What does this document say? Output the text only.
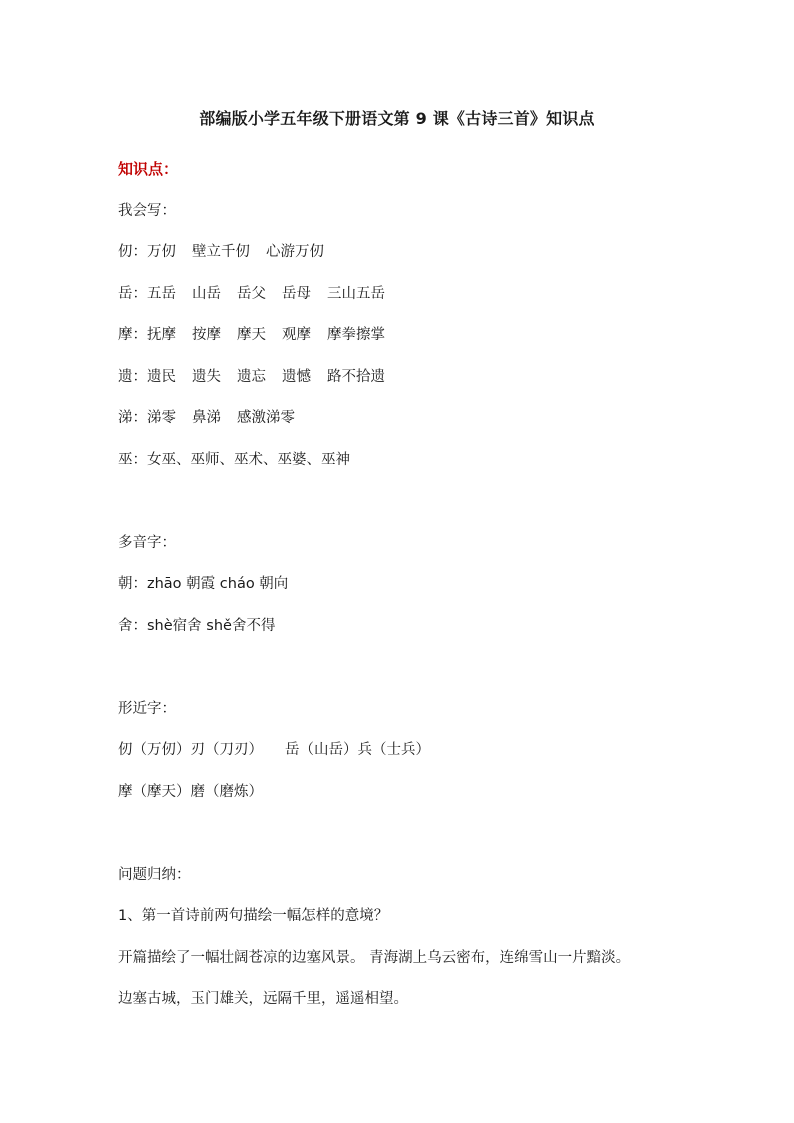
部编版小学五年级下册语文第 9 课《古诗三首》知识点
知识点：
我会写：
仞：万仞 壁立千仞 心游万仞
岳：五岳 山岳 岳父 岳母 三山五岳
摩：抚摩 按摩 摩天 观摩 摩拳擦掌
遗：遗民 遗失 遗忘 遗憾 路不拾遗
涕：涕零 鼻涕 感激涕零
巫：女巫、巫师、巫术、巫婆、巫神
多音字：
朝：zhāo 朝霞 cháo 朝向
舍：shè宿舍 shě舍不得
形近字：
仞（万仞）刃（刀刃） 岳（山岳）兵（士兵）
摩（摩天）磨（磨炼）
问题归纳：
1、第一首诗前两句描绘一幅怎样的意境？
开篇描绘了一幅壮阔苍凉的边塞风景。 青海湖上乌云密布，连绵雪山一片黯淡。
边塞古城，玉门雄关，远隔千里，遥遥相望。
